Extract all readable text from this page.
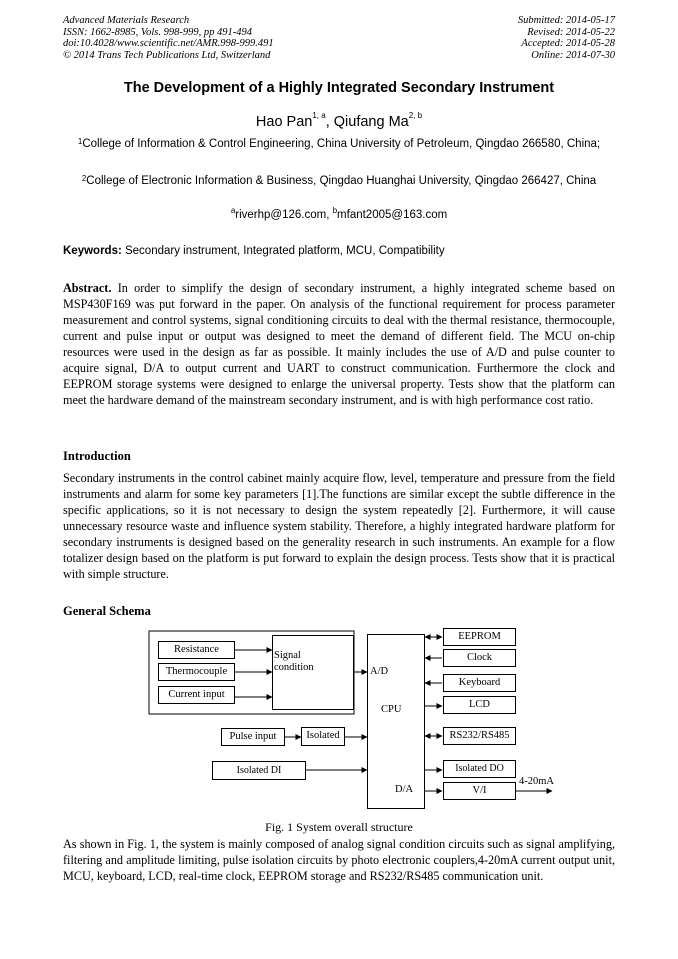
Advanced Materials Research
ISSN: 1662-8985, Vols. 998-999, pp 491-494
doi:10.4028/www.scientific.net/AMR.998-999.491
© 2014 Trans Tech Publications Ltd, Switzerland
Submitted: 2014-05-17
Revised: 2014-05-22
Accepted: 2014-05-28
Online: 2014-07-30
The Development of a Highly Integrated Secondary Instrument
Hao Pan$^{1, a}$, Qiufang Ma$^{2, b}$
$^1$College of Information & Control Engineering, China University of Petroleum, Qingdao 266580, China;
$^2$College of Electronic Information & Business, Qingdao Huanghai University, Qingdao 266427, China
$^a$riverhp@126.com, $^b$mfant2005@163.com
Keywords: Secondary instrument, Integrated platform, MCU, Compatibility
Abstract. In order to simplify the design of secondary instrument, a highly integrated scheme based on MSP430F169 was put forward in the paper. On analysis of the functional requirement for process parameter measurement and control systems, signal conditioning circuits to deal with the thermal resistance, thermocouple, current and pulse input or output was designed to meet the demand of different field. The MCU on-chip resources were used in the design as far as possible. It mainly includes the use of A/D and pulse counter to acquire signal, D/A to output current and UART to construct communication. Furthermore the clock and EEPROM storage systems were designed to enlarge the universal property. Tests show that the platform can meet the hardware demand of the mainstream secondary instrument, and is with high performance cost ratio.
Introduction
Secondary instruments in the control cabinet mainly acquire flow, level, temperature and pressure from the field instruments and alarm for some key parameters [1].The functions are similar except the subtle difference in the specific applications, so it is not necessary to design the system repeatedly [2]. Furthermore, it will cause unnecessary resource waste and influence system stability. Therefore, a highly integrated hardware platform for secondary instruments is designed based on the generality research in such instruments. An example for a flow totalizer design based on the platform is put forward to explain the design process. Tests show that it is practical with simple structure.
General Schema
Resistance
Thermocouple
Current input
Signal
condition
Pulse input	Isolated
Isolated DI
A/D
CPU
D/A
EEPROM
Clock
Keyboard
LCD
RS232/RS485
Isolated DO
V/I
4-20mA
Fig. 1 System overall structure
As shown in Fig. 1, the system is mainly composed of analog signal condition circuits such as signal amplifying, filtering and amplitude limiting, pulse isolation circuits by photo electronic couplers,4-20mA current output unit, MCU, keyboard, LCD, real-time clock, EEPROM storage and RS232/RS485 communication unit.
